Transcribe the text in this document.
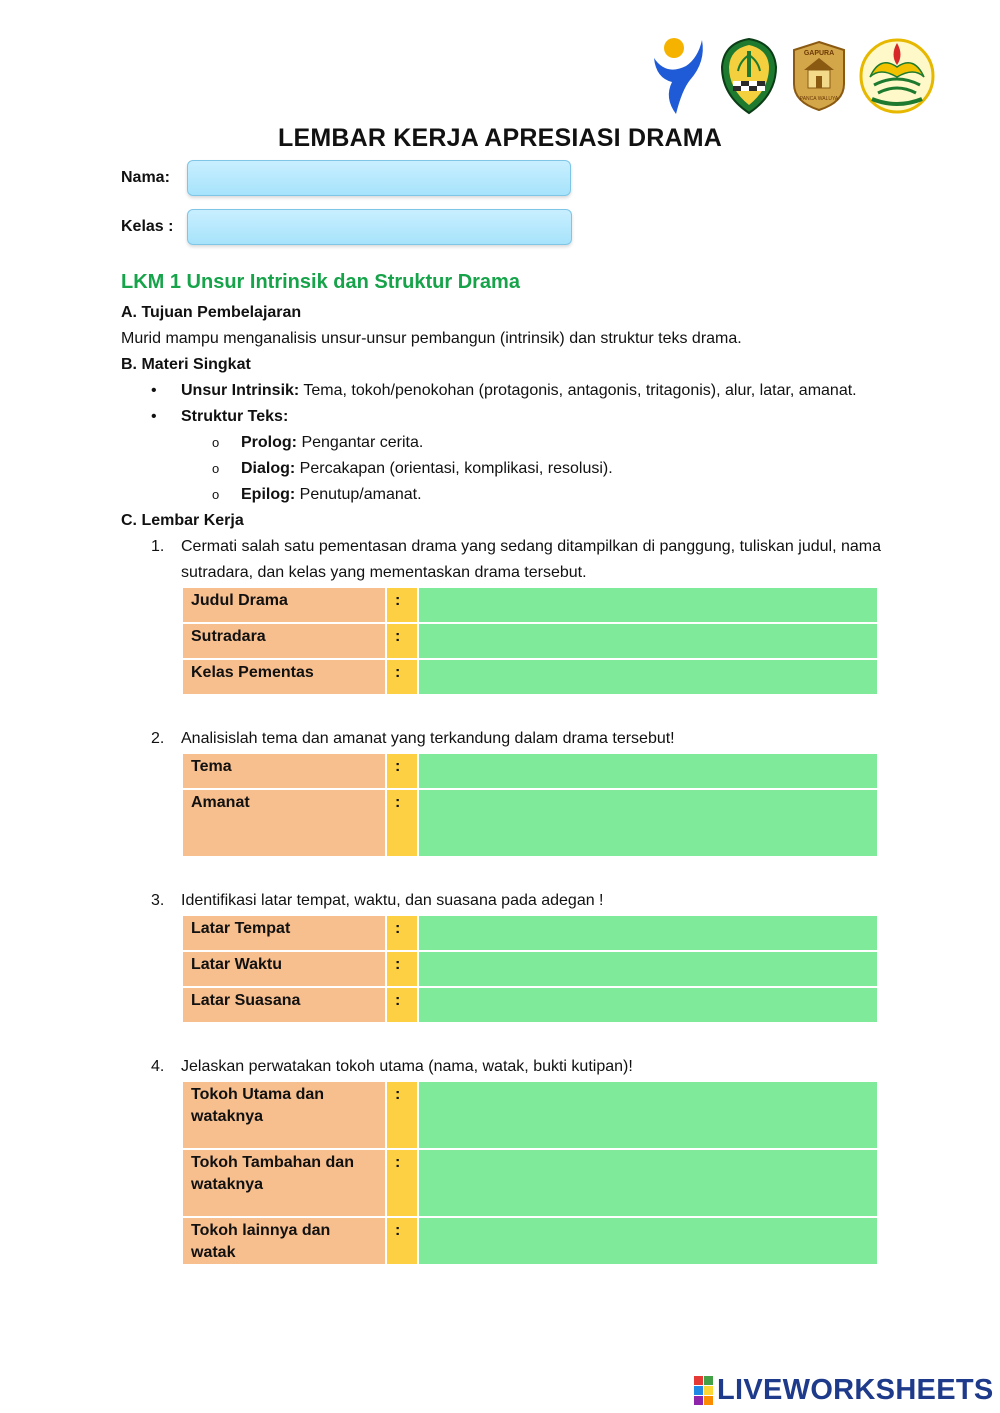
GAPURA
PANCA WALUYA
LEMBAR KERJA APRESIASI DRAMA
Nama:
Kelas :
LKM 1 Unsur Intrinsik dan Struktur Drama
A. Tujuan Pembelajaran
Murid mampu menganalisis unsur-unsur pembangun (intrinsik) dan struktur teks drama.
B. Materi Singkat
• Unsur Intrinsik: Tema, tokoh/penokohan (protagonis, antagonis, tritagonis), alur, latar, amanat.
• Struktur Teks:
o Prolog: Pengantar cerita.
o Dialog: Percakapan (orientasi, komplikasi, resolusi).
o Epilog: Penutup/amanat.
C. Lembar Kerja
1. Cermati salah satu pementasan drama yang sedang ditampilkan di panggung, tuliskan judul, nama sutradara, dan kelas yang mementaskan drama tersebut.
Judul Drama	:	
Sutradara	:	
Kelas Pementas	:	
2. Analisislah tema dan amanat yang terkandung dalam drama tersebut!
Tema	:	
Amanat	:	
3. Identifikasi latar tempat, waktu, dan suasana pada adegan !
Latar Tempat	:	
Latar Waktu	:	
Latar Suasana	:	
4. Jelaskan perwatakan tokoh utama (nama, watak, bukti kutipan)!
Tokoh Utama dan wataknya	:	
Tokoh Tambahan dan wataknya	:	
Tokoh lainnya dan watak	:	
LIVEWORKSHEETS
